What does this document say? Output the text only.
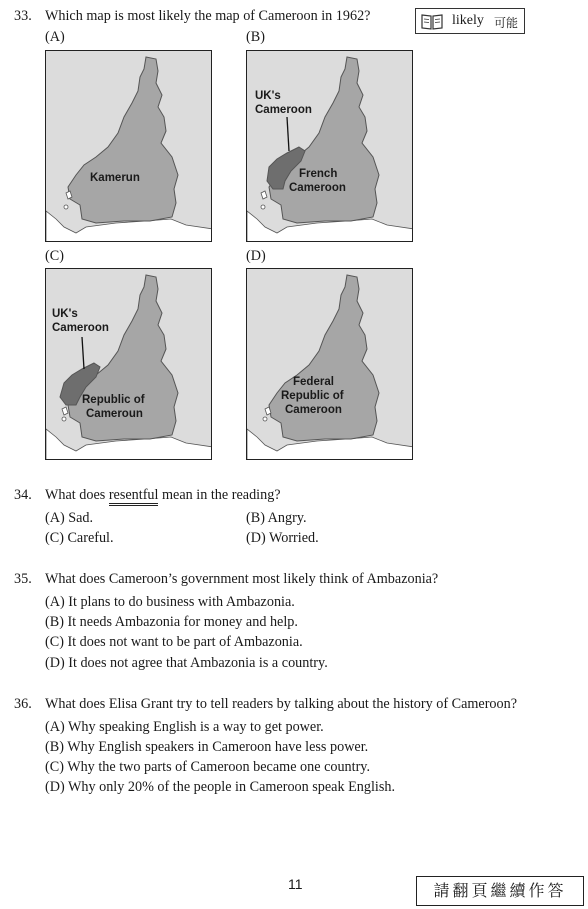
33. Which map is most likely the map of Cameroon in 1962?	likely 可能
(A)	(B)
(C)	(D)
Kamerun
UK's
Cameroon
French
Cameroon
UK's
Cameroon
Republic of
Cameroun
Federal
Republic of
Cameroon
34. What does resentful mean in the reading?
(A) Sad.	(B) Angry.
(C) Careful.	(D) Worried.
35. What does Cameroon’s government most likely think of Ambazonia?
(A) It plans to do business with Ambazonia.
(B) It needs Ambazonia for money and help.
(C) It does not want to be part of Ambazonia.
(D) It does not agree that Ambazonia is a country.
36. What does Elisa Grant try to tell readers by talking about the history of Cameroon?
(A) Why speaking English is a way to get power.
(B) Why English speakers in Cameroon have less power.
(C) Why the two parts of Cameroon became one country.
(D) Why only 20% of the people in Cameroon speak English.
11	請翻頁繼續作答
